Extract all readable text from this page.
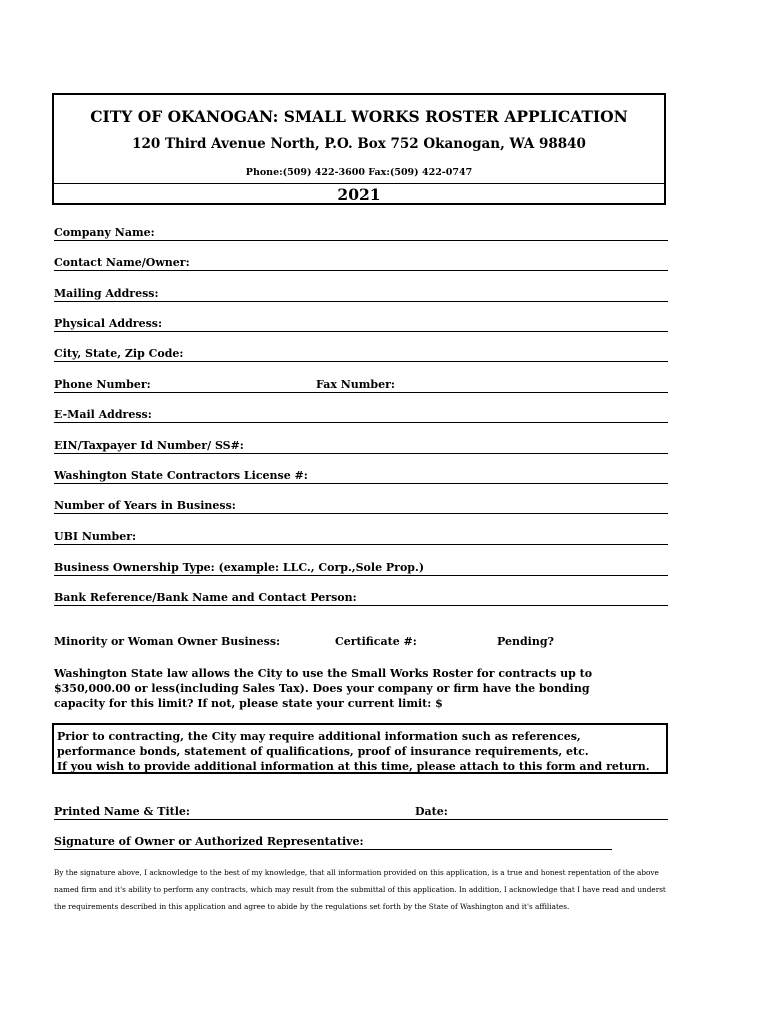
CITY OF OKANOGAN: SMALL WORKS ROSTER APPLICATION
120 Third Avenue North, P.O. Box 752 Okanogan, WA 98840
Phone:(509) 422-3600 Fax:(509) 422-0747
2021
Company Name:
Contact Name/Owner:
Mailing Address:
Physical Address:
City, State, Zip Code:
Phone Number:	Fax Number:
E-Mail Address:
EIN/Taxpayer Id Number/ SS#:
Washington State Contractors License #:
Number of Years in Business:
UBI Number:
Business Ownership Type: (example: LLC., Corp.,Sole Prop.)
Bank Reference/Bank Name and Contact Person:
Minority or Woman Owner Business:	Certificate #:	Pending?
Washington State law allows the City to use the Small Works Roster for contracts up to
$350,000.00 or less(including Sales Tax). Does your company or firm have the bonding
capacity for this limit? If not, please state your current limit: $
Prior to contracting, the City may require additional information such as references,
performance bonds, statement of qualifications, proof of insurance requirements, etc.
If you wish to provide additional information at this time, please attach to this form and return.
Printed Name & Title:	Date:
Signature of Owner or Authorized Representative:
By the signature above, I acknowledge to the best of my knowledge, that all information provided on this application, is a true and honest repentation of the above
named firm and it's ability to perform any contracts, which may result from the submittal of this application. In addition, I acknowledge that I have read and underst
the requirements described in this application and agree to abide by the regulations set forth by the State of Washington and it's affiliates.
